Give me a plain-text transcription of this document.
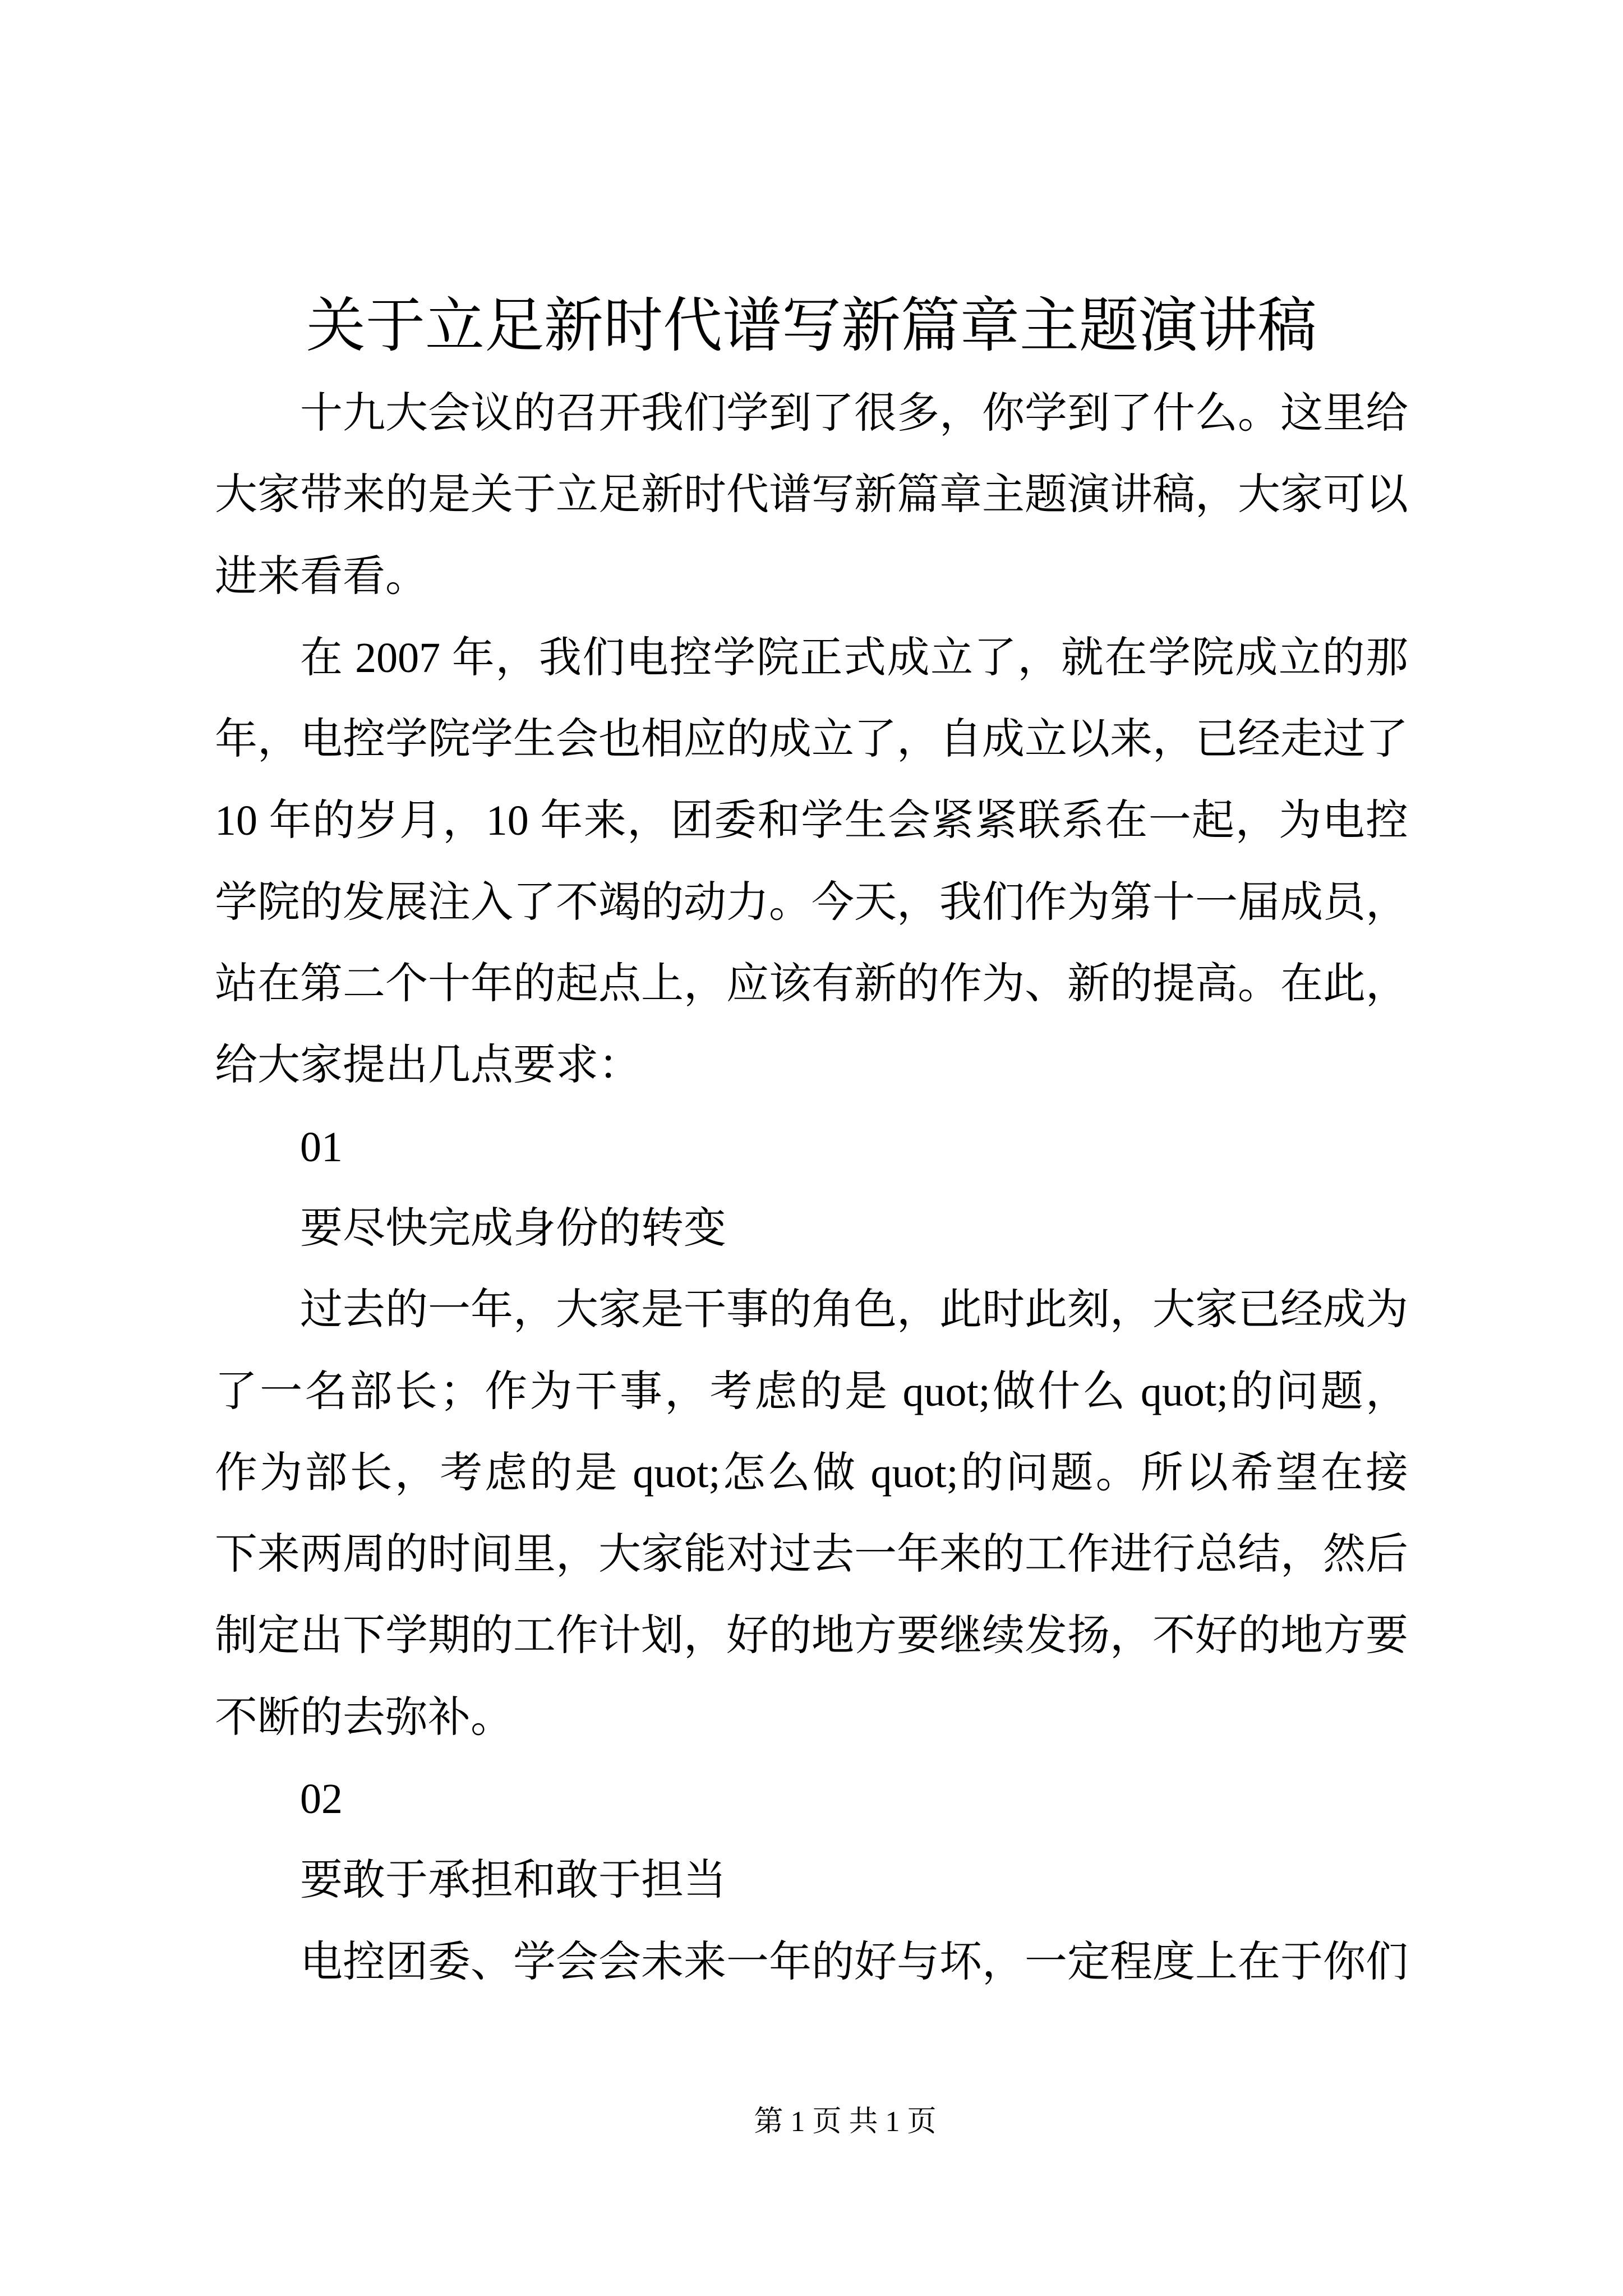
关于立足新时代谱写新篇章主题演讲稿
十九大会议的召开我们学到了很多，你学到了什么。这里给
大家带来的是关于立足新时代谱写新篇章主题演讲稿，大家可以
进来看看。
在 2007 年，我们电控学院正式成立了，就在学院成立的那
年，电控学院学生会也相应的成立了，自成立以来，已经走过了
10 年的岁月，10 年来，团委和学生会紧紧联系在一起，为电控
学院的发展注入了不竭的动力。今天，我们作为第十一届成员，
站在第二个十年的起点上，应该有新的作为、新的提高。在此，
给大家提出几点要求：
01
要尽快完成身份的转变
过去的一年，大家是干事的角色，此时此刻，大家已经成为
了一名部长；作为干事，考虑的是 quot;做什么 quot;的问题，
作为部长，考虑的是 quot;怎么做 quot;的问题。所以希望在接
下来两周的时间里，大家能对过去一年来的工作进行总结，然后
制定出下学期的工作计划，好的地方要继续发扬，不好的地方要
不断的去弥补。
02
要敢于承担和敢于担当
电控团委、学会会未来一年的好与坏，一定程度上在于你们
第 1 页 共 1 页
